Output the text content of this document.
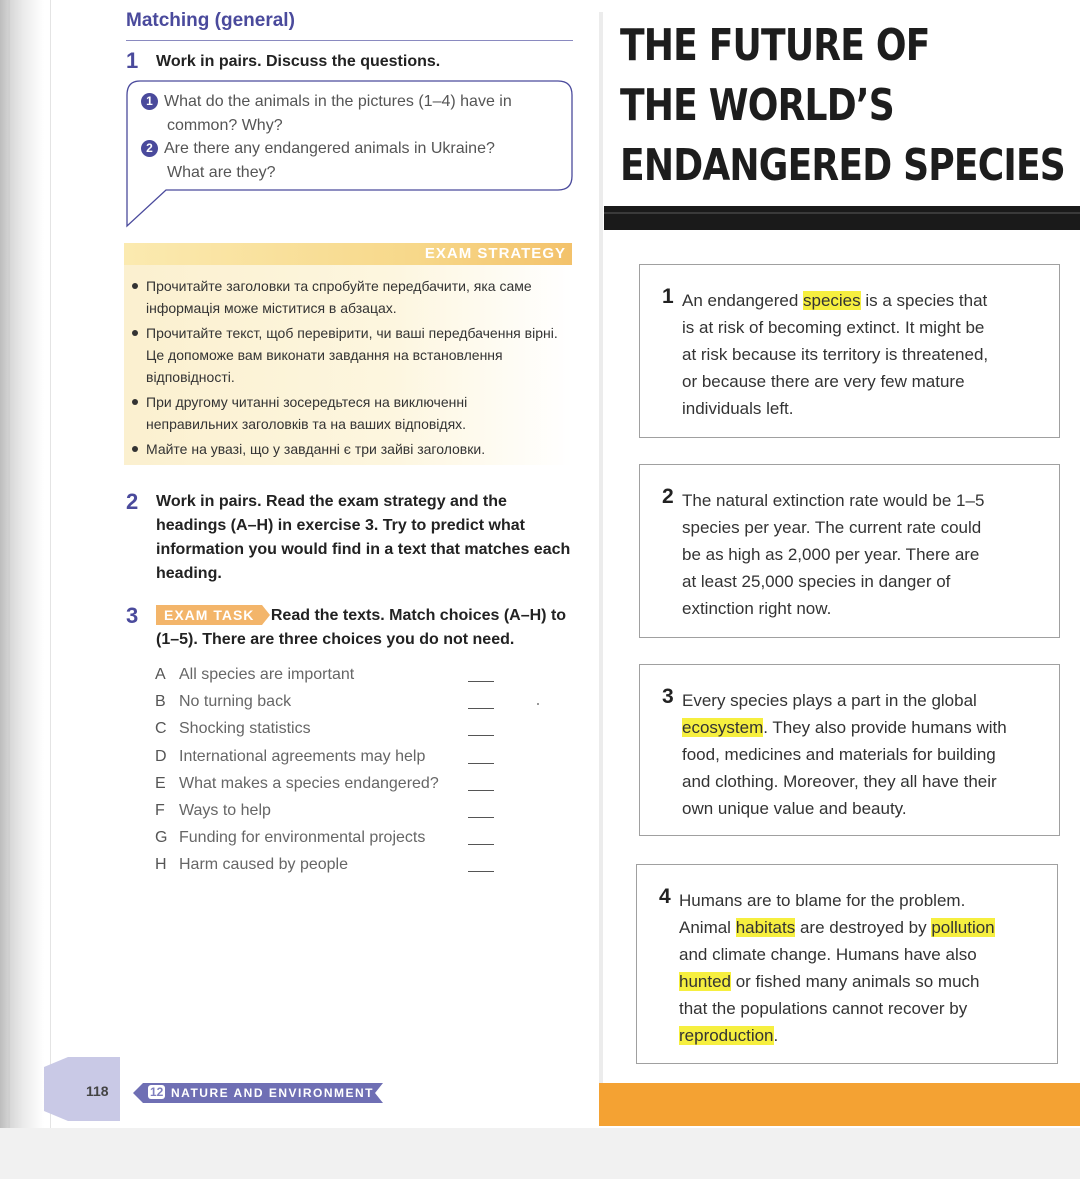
Matching (general)
1 Work in pairs. Discuss the questions.
1 What do the animals in the pictures (1–4) have in
common? Why?
2 Are there any endangered animals in Ukraine?
What are they?
EXAM STRATEGY
Прочитайте заголовки та спробуйте передбачити, яка саме інформація може міститися в абзацах.
Прочитайте текст, щоб перевірити, чи ваші передбачення вірні. Це допоможе вам виконати завдання на встановлення відповідності.
При другому читанні зосередьтеся на виключенні неправильних заголовків та на ваших відповідях.
Майте на увазі, що у завданні є три зайві заголовки.
2	Work in pairs. Read the exam strategy and the headings (A–H) in exercise 3. Try to predict what information you would find in a text that matches each heading.
3	EXAM TASK Read the texts. Match choices (A–H) to (1–5). There are three choices you do not need.
A All species are important
B No turning back
C Shocking statistics
D International agreements may help
E What makes a species endangered?
F Ways to help
G Funding for environmental projects
H Harm caused by people
118	12 NATURE AND ENVIRONMENT
THE FUTURE OF
THE WORLD’S
ENDANGERED SPECIES
1 An endangered species is a species that
is at risk of becoming extinct. It might be
at risk because its territory is threatened,
or because there are very few mature
individuals left.
2 The natural extinction rate would be 1–5
species per year. The current rate could
be as high as 2,000 per year. There are
at least 25,000 species in danger of
extinction right now.
3 Every species plays a part in the global
ecosystem. They also provide humans with
food, medicines and materials for building
and clothing. Moreover, they all have their
own unique value and beauty.
4 Humans are to blame for the problem.
Animal habitats are destroyed by pollution
and climate change. Humans have also
hunted or fished many animals so much
that the populations cannot recover by
reproduction.
